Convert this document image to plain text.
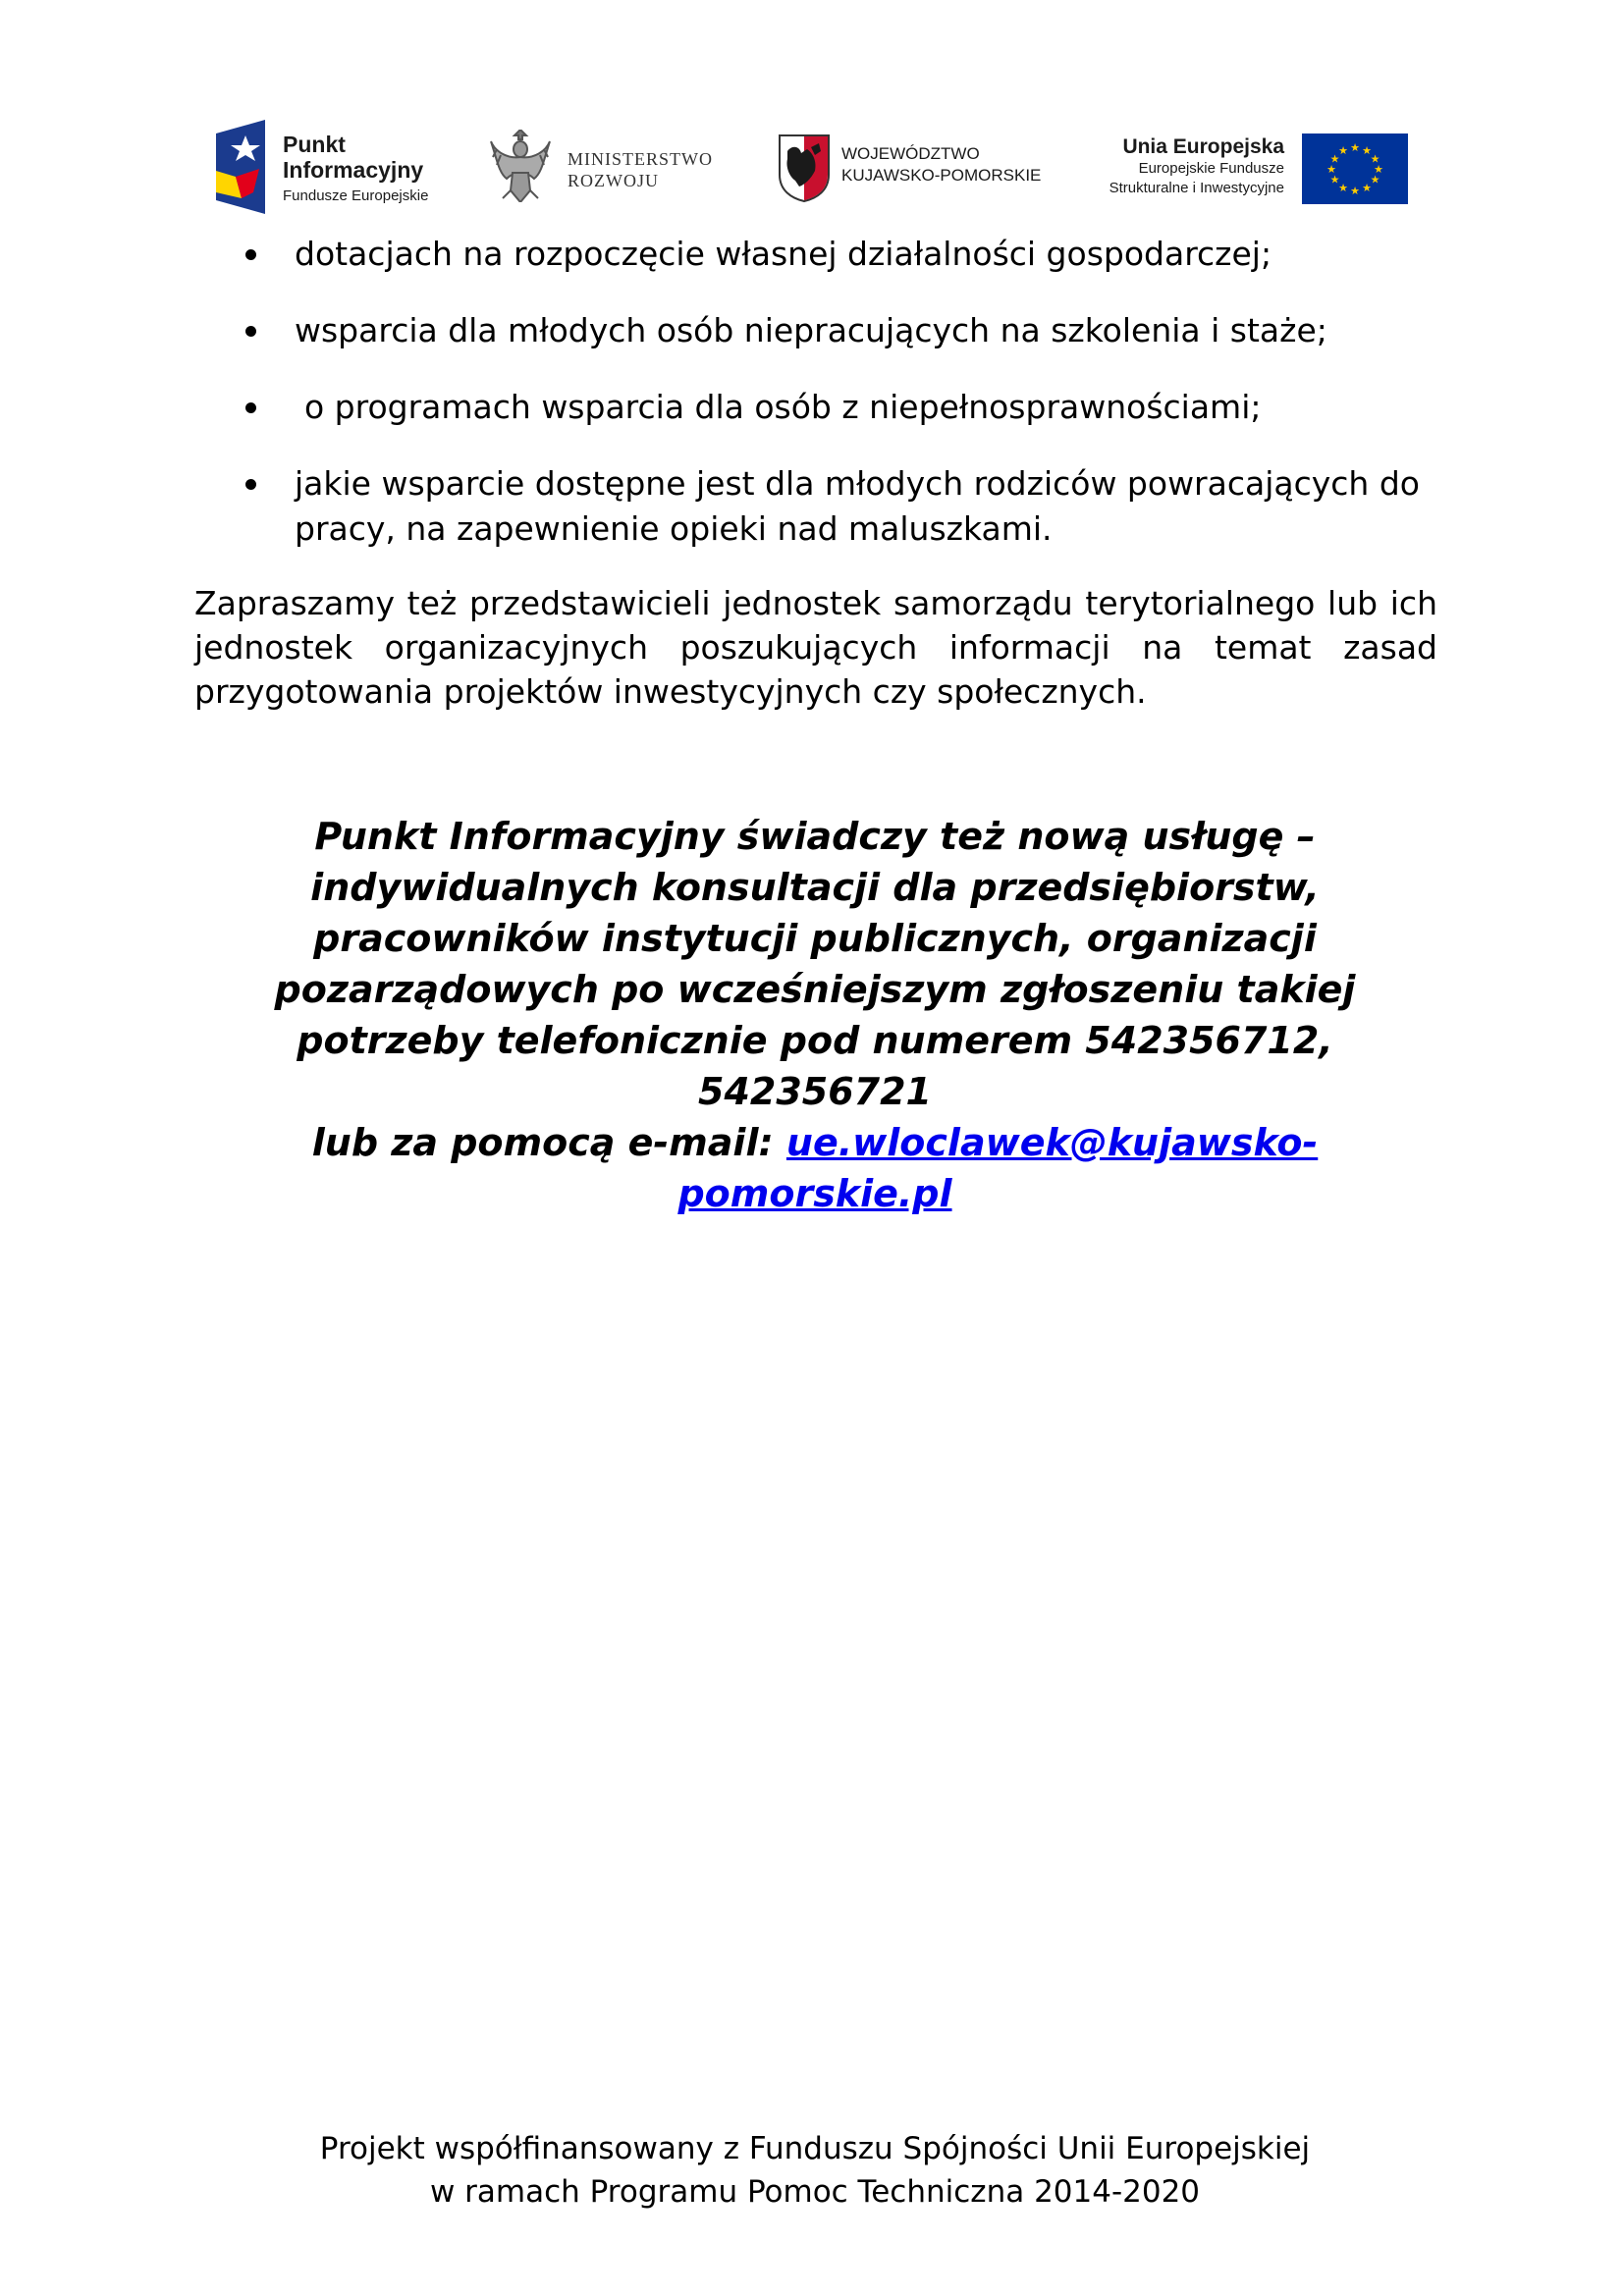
Punkt
Informacyjny
Fundusze Europejskie
MINISTERSTWO
ROZWOJU
WOJEWÓDZTWO
KUJAWSKO-POMORSKIE
Unia Europejska
Europejskie Fundusze
Strukturalne i Inwestycyjne
★ ★
★
★
★
★
★
★
★
★
★
★
dotacjach na rozpoczęcie własnej działalności gospodarczej;
wsparcia dla młodych osób niepracujących na szkolenia i staże;
o programach wsparcia dla osób z niepełnosprawnościami;
jakie wsparcie dostępne jest dla młodych rodziców powracających do pracy, na zapewnienie opieki nad maluszkami.

Zapraszamy też przedstawicieli jednostek samorządu terytorialnego lub ich jednostek organizacyjnych poszukujących informacji na temat zasad przygotowania projektów inwestycyjnych czy społecznych.

Punkt Informacyjny świadczy też nową usługę – indywidualnych konsultacji dla przedsiębiorstw, pracowników instytucji publicznych, organizacji pozarządowych po wcześniejszym zgłoszeniu takiej potrzeby telefonicznie pod numerem 542356712, 542356721
lub za pomocą e-mail: ue.wloclawek@kujawsko-pomorskie.pl
Projekt współfinansowany z Funduszu Spójności Unii Europejskiej
w ramach Programu Pomoc Techniczna 2014-2020
